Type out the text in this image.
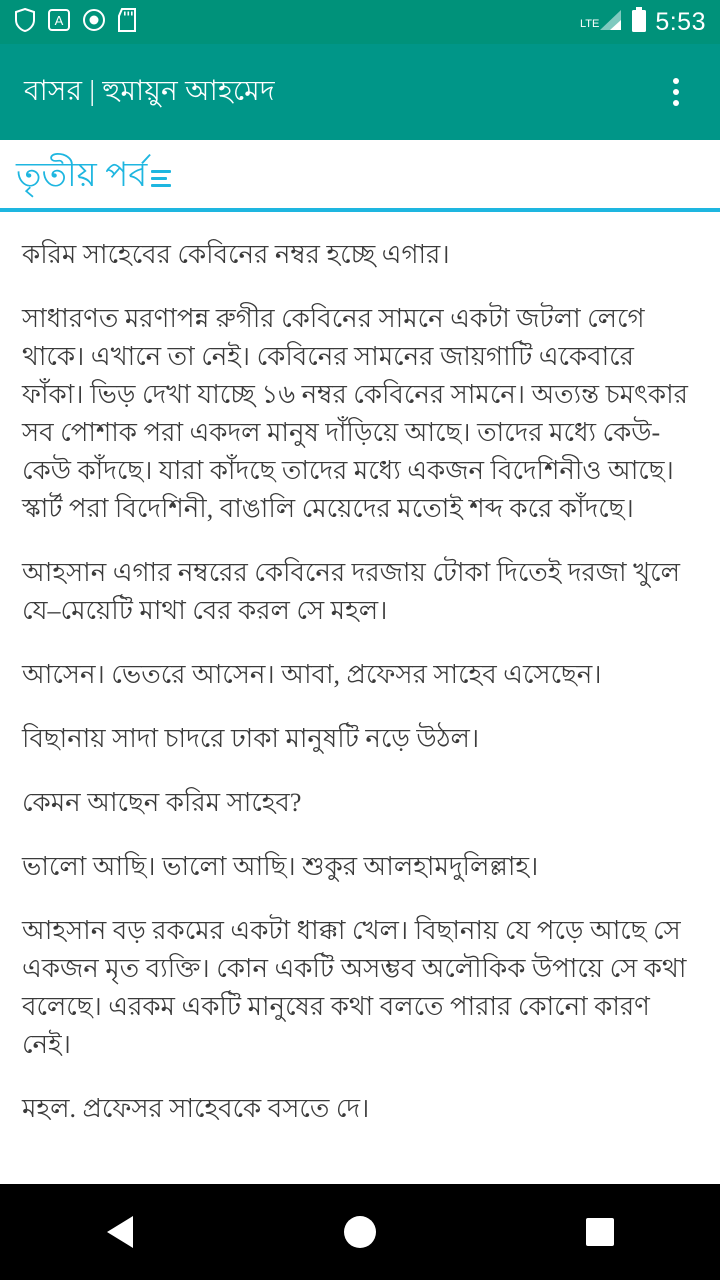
A	LTE 5:53
বাসর | হুমায়ুন আহমেদ
তৃতীয় পর্ব

করিম সাহেবের কেবিনের নম্বর হচ্ছে এগার।

সাধারণত মরণাপন্ন রুগীর কেবিনের সামনে একটা জটলা লেগে থাকে। এখানে তা নেই। কেবিনের সামনের জায়গাটি একেবারে ফাঁকা। ভিড় দেখা যাচ্ছে ১৬ নম্বর কেবিনের সামনে। অত্যন্ত চমৎকার সব পোশাক পরা একদল মানুষ দাঁড়িয়ে আছে। তাদের মধ্যে কেউ-কেউ কাঁদছে। যারা কাঁদছে তাদের মধ্যে একজন বিদেশিনীও আছে। স্কার্ট পরা বিদেশিনী, বাঙালি মেয়েদের মতোই শব্দ করে কাঁদছে।

আহসান এগার নম্বরের কেবিনের দরজায় টোকা দিতেই দরজা খুলে যে–মেয়েটি মাথা বের করল সে মহল।

আসেন। ভেতরে আসেন। আবা, প্রফেসর সাহেব এসেছেন।

বিছানায় সাদা চাদরে ঢাকা মানুষটি নড়ে উঠল।

কেমন আছেন করিম সাহেব?

ভালো আছি। ভালো আছি। শুকুর আলহামদুলিল্লাহ।

আহসান বড় রকমের একটা ধাক্কা খেল। বিছানায় যে পড়ে আছে সে একজন মৃত ব্যক্তি। কোন একটি অসম্ভব অলৌকিক উপায়ে সে কথা বলেছে। এরকম একটি মানুষের কথা বলতে পারার কোনো কারণ নেই।

মহল. প্রফেসর সাহেবকে বসতে দে।
